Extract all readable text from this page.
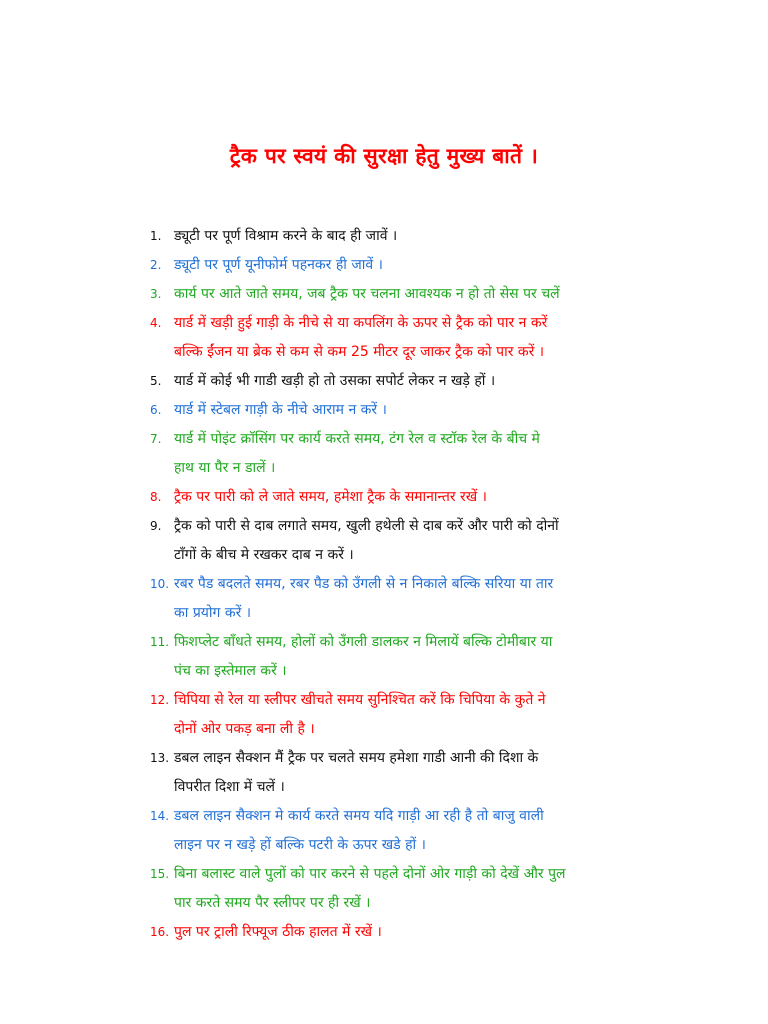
ट्रैक पर स्वयं की सुरक्षा हेतु मुख्य बातें ।
1. ड्यूटी पर पूर्ण विश्राम करने के बाद ही जावें ।
2. ड्यूटी पर पूर्ण यूनीफोर्म पहनकर ही जावें ।
3. कार्य पर आते जाते समय, जब ट्रैक पर चलना आवश्यक न हो तो सेस पर चलें
4. यार्ड में खड़ी हुई गाड़ी के नीचे से या कपलिंग के ऊपर से ट्रैक को पार न करें
बल्कि ईंजन या ब्रेक से कम से कम 25 मीटर दूर जाकर ट्रैक को पार करें ।
5. यार्ड में कोई भी गाडी खड़ी हो तो उसका सपोर्ट लेकर न खड़े हों ।
6. यार्ड में स्टेबल गाड़ी के नीचे आराम न करें ।
7. यार्ड में पोइंट क्रॉसिंग पर कार्य करते समय, टंग रेल व स्टॉक रेल के बीच मे
हाथ या पैर न डालें ।
8. ट्रैक पर पारी को ले जाते समय, हमेशा ट्रैक के समानान्तर रखें ।
9. ट्रैक को पारी से दाब लगाते समय, खुली हथेली से दाब करें और पारी को दोनों
टाँगों के बीच मे रखकर दाब न करें ।
10. रबर पैड बदलते समय, रबर पैड को उँगली से न निकाले बल्कि सरिया या तार
का प्रयोग करें ।
11. फिशप्लेट बाँधते समय, होलों को उँगली डालकर न मिलायें बल्कि टोमीबार या
पंच का इस्तेमाल करें ।
12. चिपिया से रेल या स्लीपर खीचते समय सुनिश्चित करें कि चिपिया के कुते ने
दोनों ओर पकड़ बना ली है ।
13. डबल लाइन सैक्शन मैं ट्रैक पर चलते समय हमेशा गाडी आनी की दिशा के
विपरीत दिशा में चलें ।
14. डबल लाइन सैक्शन मे कार्य करते समय यदि गाड़ी आ रही है तो बाजु वाली
लाइन पर न खड़े हों बल्कि पटरी के ऊपर खडे हों ।
15. बिना बलास्ट वाले पुलों को पार करने से पहले दोनों ओर गाड़ी को देखें और पुल
पार करते समय पैर स्लीपर पर ही रखें ।
16. पुल पर ट्राली रिफ्यूज ठीक हालत में रखें ।
